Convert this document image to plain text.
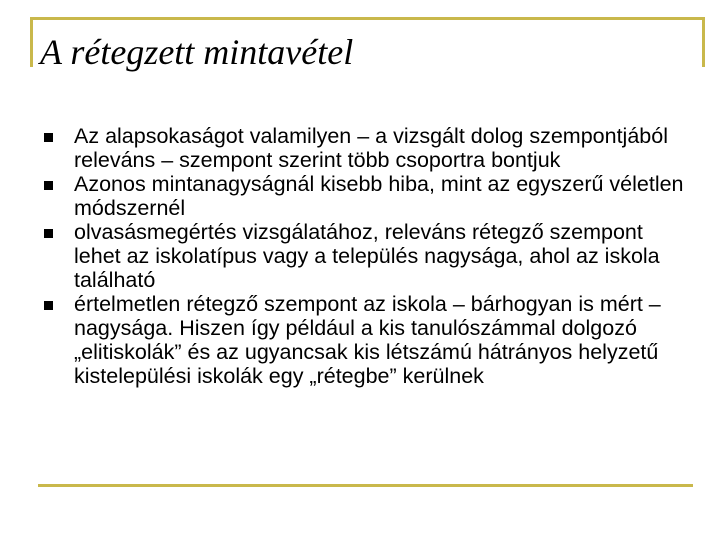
A rétegzett mintavétel
Az alapsokaságot valamilyen – a vizsgált dolog szempontjából releváns – szempont szerint több csoportra bontjuk
Azonos mintanagyságnál kisebb hiba, mint az egyszerű véletlen módszernél
olvasásmegértés vizsgálatához, releváns rétegző szempont lehet az iskolatípus vagy a település nagysága, ahol az iskola található
értelmetlen rétegző szempont az iskola – bárhogyan is mért – nagysága. Hiszen így például a kis tanulószámmal dolgozó „elitiskolák” és az ugyancsak kis létszámú hátrányos helyzetű kistelepülési iskolák egy „rétegbe” kerülnek
